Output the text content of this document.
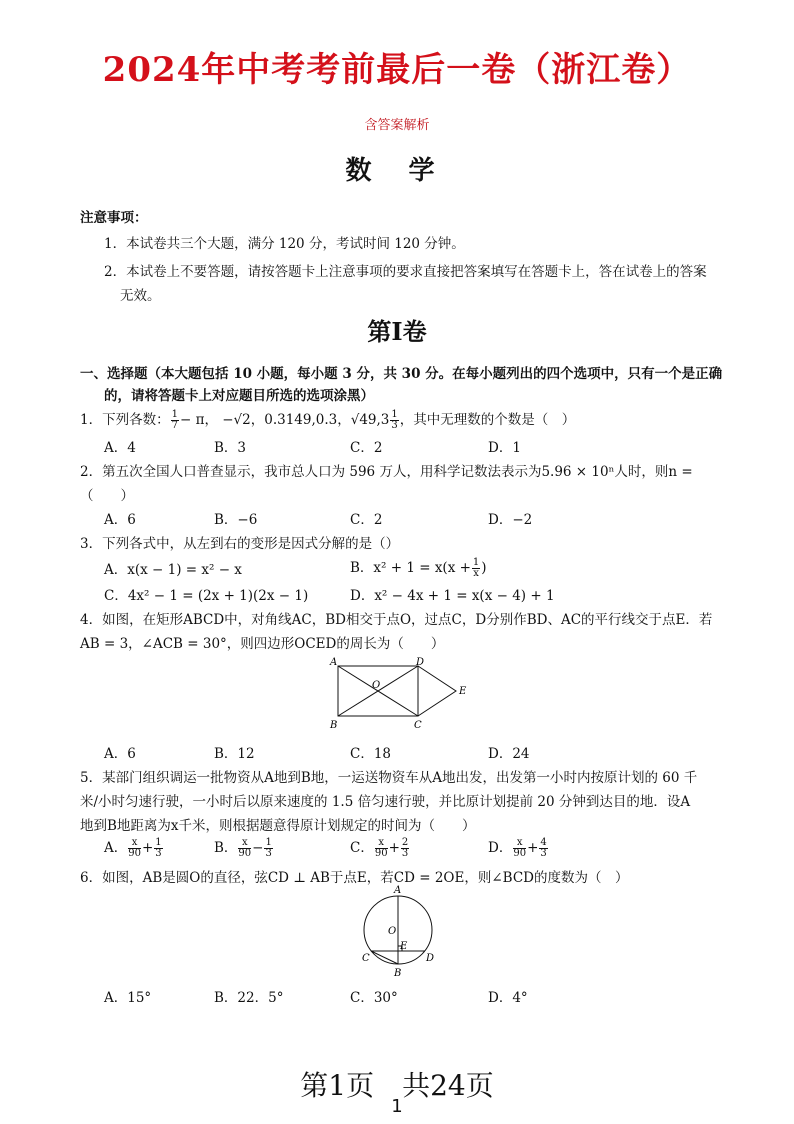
2024年中考考前最后一卷（浙江卷）
含答案解析
数 学
注意事项：
1．本试卷共三个大题，满分 120 分，考试时间 120 分钟。
2．本试卷上不要答题，请按答题卡上注意事项的要求直接把答案填写在答题卡上，答在试卷上的答案
无效。
第I卷
一、选择题（本大题包括 10 小题，每小题 3 分，共 30 分。在每小题列出的四个选项中，只有一个是正确
的，请将答题卡上对应题目所选的选项涂黑）
1．下列各数： $\frac{1}{7} - \pi$， −√2，0.3149,0.3，$√49,3 \frac{1}{3}$ ，其中无理数的个数是（　）
A．4	B．3	C．2	D．1
2．第五次全国人口普查显示，我市总人口为 596 万人，用科学记数法表示为5.96 × 10ⁿ人时，则n =
（　　）
A．6	B．−6	C．2	D．−2
3．下列各式中，从左到右的变形是因式分解的是（）
A．x(x − 1) = x² − x	B．$x^2 + 1 = x(x + \frac{1}{x}$ )
C．4x² − 1 = (2x + 1)(2x − 1)	D．x² − 4x + 1 = x(x − 4) + 1
4．如图，在矩形ABCD中，对角线AC，BD相交于点O，过点C，D分别作BD、AC的平行线交于点E．若
AB = 3，∠ACB = 30°，则四边形OCED的周长为（　　）
A	D
O
E
B	C
A．6	B．12	C．18	D．24
5．某部门组织调运一批物资从A地到B地，一运送物资车从A地出发，出发第一小时内按原计划的 60 千
米/小时匀速行驶，一小时后以原来速度的 1.5 倍匀速行驶，并比原计划提前 20 分钟到达目的地．设A
地到B地距离为x千米，则根据题意得原计划规定的时间为（　　）
A． $\frac{x}{90} + \frac{1}{3}$	B． $\frac{x}{90} - \frac{1}{3}$	C． $\frac{x}{90} + \frac{2}{3}$	D． $\frac{x}{90} + \frac{4}{3}$
6．如图，AB是圆O的直径，弦CD ⊥ AB于点E，若CD = 2OE，则∠BCD的度数为（　）
A
O
E
C	D
B
A．15°	B．22．5°	C．30°	D．4°
第1页　共24页
1
